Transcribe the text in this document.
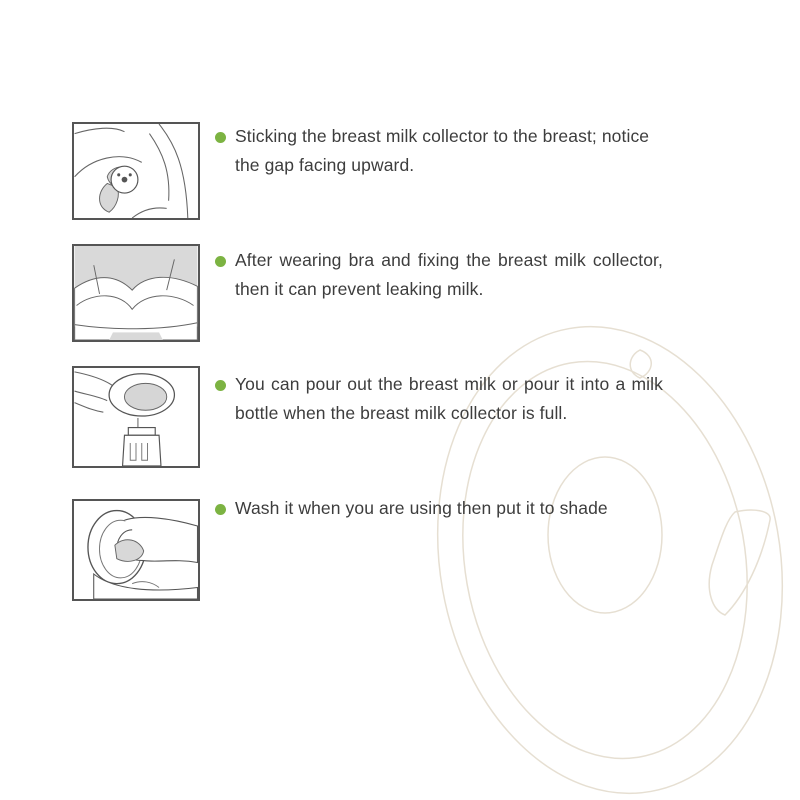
Sticking the breast milk collector to the breast; notice the gap facing upward.
After wearing bra and fixing the breast milk collector, then it can prevent leaking milk.
You can pour out the breast milk or pour it into a milk bottle when the breast milk collector is full.
Wash it when you are using then put it to shade
